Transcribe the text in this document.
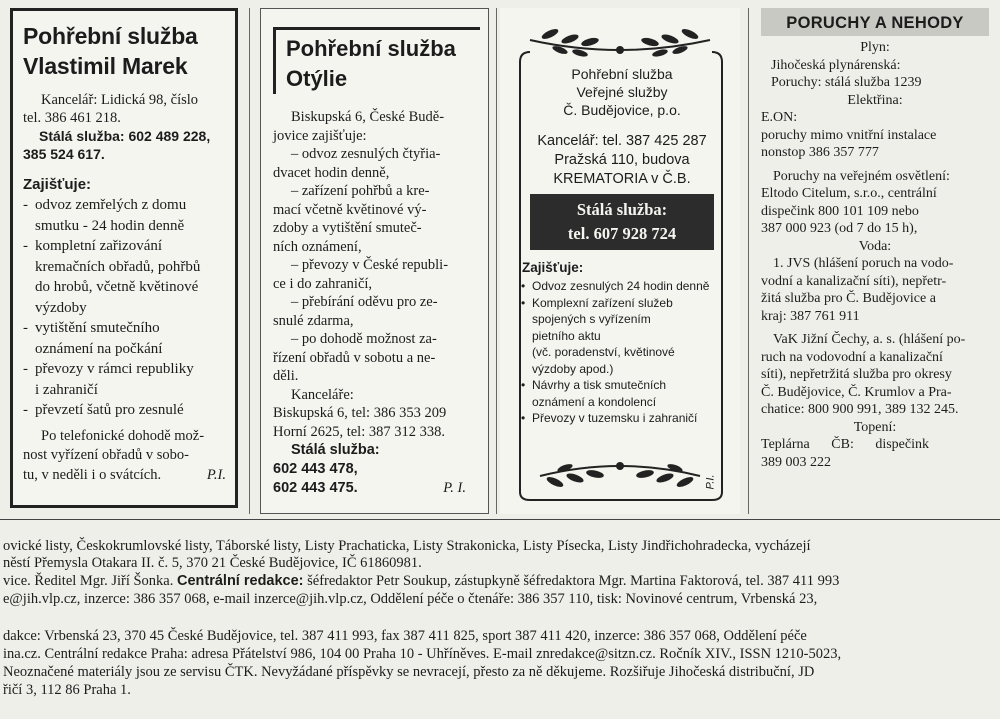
Pohřební služba
Vlastimil Marek
Kancelář: Lidická 98, číslo
tel. 386 461 218.
Stálá služba: 602 489 228,
385 524 617.
Zajišťuje:
- odvoz zemřelých z domu
smutku - 24 hodin denně
- kompletní zařizování
kremačních obřadů, pohřbů
do hrobů, včetně květinové
výzdoby
- vytištění smutečního
oznámení na počkání
- převozy v rámci republiky
i zahraničí
- převzetí šatů pro zesnulé
Po telefonické dohodě mož-
nost vyřízení obřadů v sobo-
tu, v neděli i o svátcích.	P.I.
Pohřební služba
Otýlie
Biskupská 6, České Budě-
jovice zajišťuje:
– odvoz zesnulých čtyřia-
dvacet hodin denně,
– zařízení pohřbů a kre-
mací včetně květinové vý-
zdoby a vytištění smuteč-
ních oznámení,
– převozy v České republi-
ce i do zahraničí,
– přebírání oděvu pro ze-
snulé zdarma,
– po dohodě možnost za-
řízení obřadů v sobotu a ne-
děli.
Kanceláře:
Biskupská 6, tel: 386 353 209
Horní 2625, tel: 387 312 338.
Stálá služba:
602 443 478,
602 443 475.	P. I.
Pohřební služba
Veřejné služby
Č. Budějovice, p.o.
Kancelář: tel. 387 425 287
Pražská 110, budova
KREMATORIA v Č.B.
Stálá služba:
tel. 607 928 724
Zajišťuje:
• Odvoz zesnulých 24 hodin denně
• Komplexní zařízení služeb
spojených s vyřízením
pietního aktu
(vč. poradenství, květinové
výzdoby apod.)
• Návrhy a tisk smutečních
oznámení a kondolencí
• Převozy v tuzemsku i zahraničí
P.I.
PORUCHY A NEHODY
Plyn:
Jihočeská plynárenská:
Poruchy: stálá služba 1239
Elektřina:
E.ON:
poruchy mimo vnitřní instalace
nonstop 386 357 777
Poruchy na veřejném osvětlení:
Eltodo Citelum, s.r.o., centrální
dispečink 800 101 109 nebo
387 000 923 (od 7 do 15 h),
Voda:
1. JVS (hlášení poruch na vodo-
vodní a kanalizační síti), nepřetr-
žitá služba pro Č. Budějovice a
kraj: 387 761 911
VaK Jižní Čechy, a. s. (hlášení po-
ruch na vodovodní a kanalizační
síti), nepřetržitá služba pro okresy
Č. Budějovice, Č. Krumlov a Pra-
chatice: 800 900 991, 389 132 245.
Topení:
Teplárna ČB: dispečink
389 003 222
ovické listy, Českokrumlovské listy, Táborské listy, Listy Prachaticka, Listy Strakonicka, Listy Písecka, Listy Jindřichohradecka, vycházejí
něstí Přemysla Otakara II. č. 5, 370 21 České Budějovice, IČ 61860981.
vice. Ředitel Mgr. Jiří Šonka. Centrální redakce: šéfredaktor Petr Soukup, zástupkyně šéfredaktora Mgr. Martina Faktorová, tel. 387 411 993
e@jih.vlp.cz, inzerce: 386 357 068, e-mail inzerce@jih.vlp.cz, Oddělení péče o čtenáře: 386 357 110, tisk: Novinové centrum, Vrbenská 23,
dakce: Vrbenská 23, 370 45 České Budějovice, tel. 387 411 993, fax 387 411 825, sport 387 411 420, inzerce: 386 357 068, Oddělení péče
ina.cz. Centrální redakce Praha: adresa Přátelství 986, 104 00 Praha 10 - Uhříněves. E-mail znredakce@sitzn.cz. Ročník XIV., ISSN 1210-5023,
Neoznačené materiály jsou ze servisu ČTK. Nevyžádané příspěvky se nevracejí, přesto za ně děkujeme. Rozšiřuje Jihočeská distribuční, JD
řičí 3, 112 86 Praha 1.
